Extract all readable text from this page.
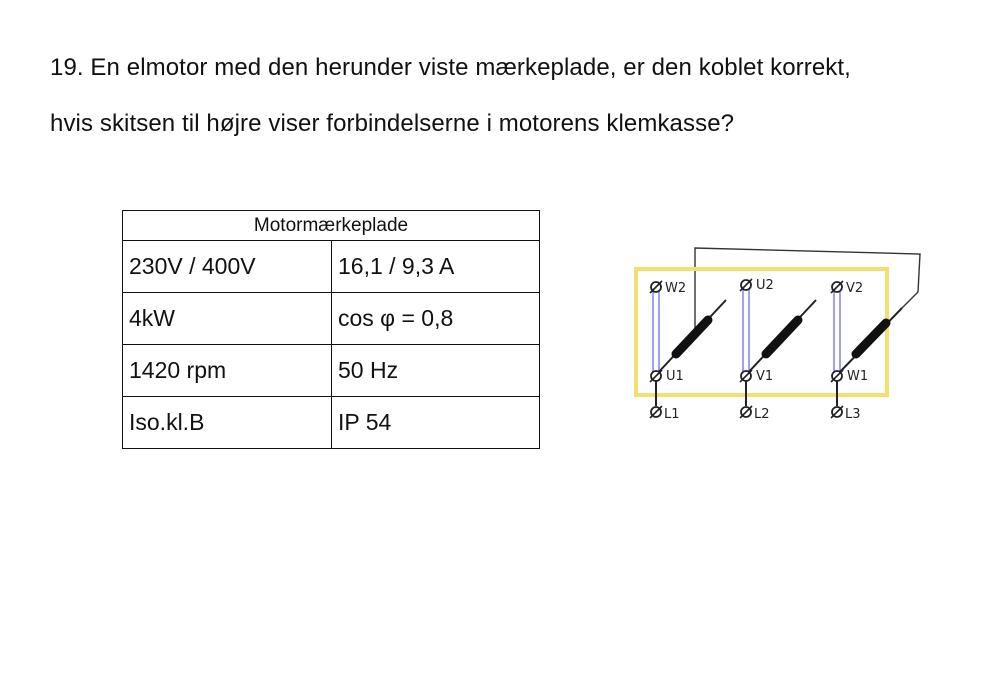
19. En elmotor med den herunder viste mærkeplade, er den koblet korrekt,

hvis skitsen til højre viser forbindelserne i motorens klemkasse?

Motormærkeplade	
230V / 400V	16,1 / 9,3 A
4kW	cos φ = 0,8
1420 rpm	50 Hz
Iso.kl.B	IP 54
W2	U2	V2
U1	V1	W1
L1	L2	L3
